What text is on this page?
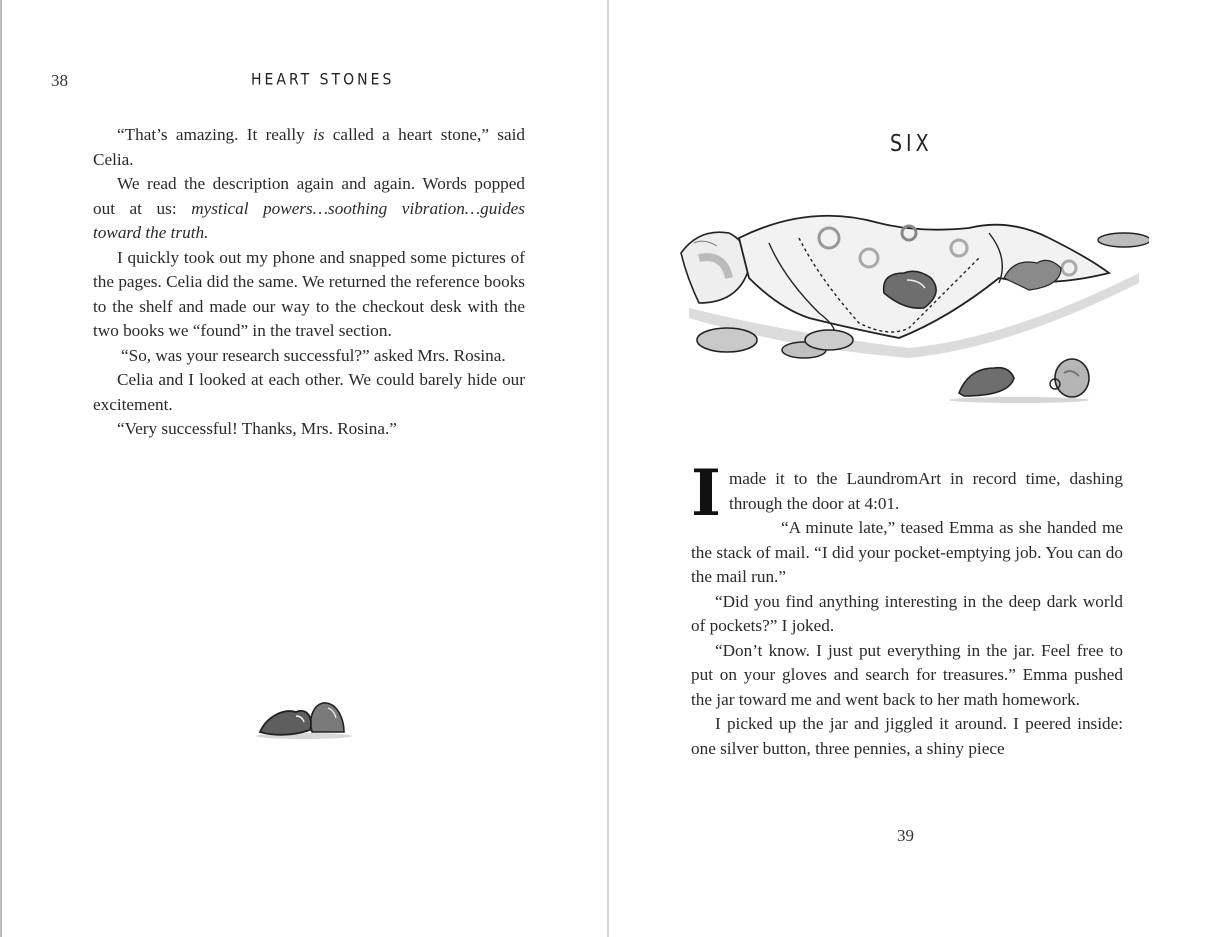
38	HEART STONES

“That’s amazing. It really is called a heart stone,” said Celia.

We read the description again and again. Words popped out at us: mystical powers…soothing vibration…guides toward the truth.

I quickly took out my phone and snapped some pictures of the pages. Celia did the same. We returned the reference books to the shelf and made our way to the checkout desk with the two books we “found” in the travel section.

“So, was your research successful?” asked Mrs. Rosina.

Celia and I looked at each other. We could barely hide our excitement.

“Very successful! Thanks, Mrs. Rosina.”

SIX

Imade it to the LaundromArt in record time, dashing through the door at 4:01.

“A minute late,” teased Emma as she handed me the stack of mail. “I did your pocket-emptying job. You can do the mail run.”

“Did you find anything interesting in the deep dark world of pockets?” I joked.

“Don’t know. I just put everything in the jar. Feel free to put on your gloves and search for treasures.” Emma pushed the jar toward me and went back to her math homework.

I picked up the jar and jiggled it around. I peered inside: one silver button, three pennies, a shiny piece

39
